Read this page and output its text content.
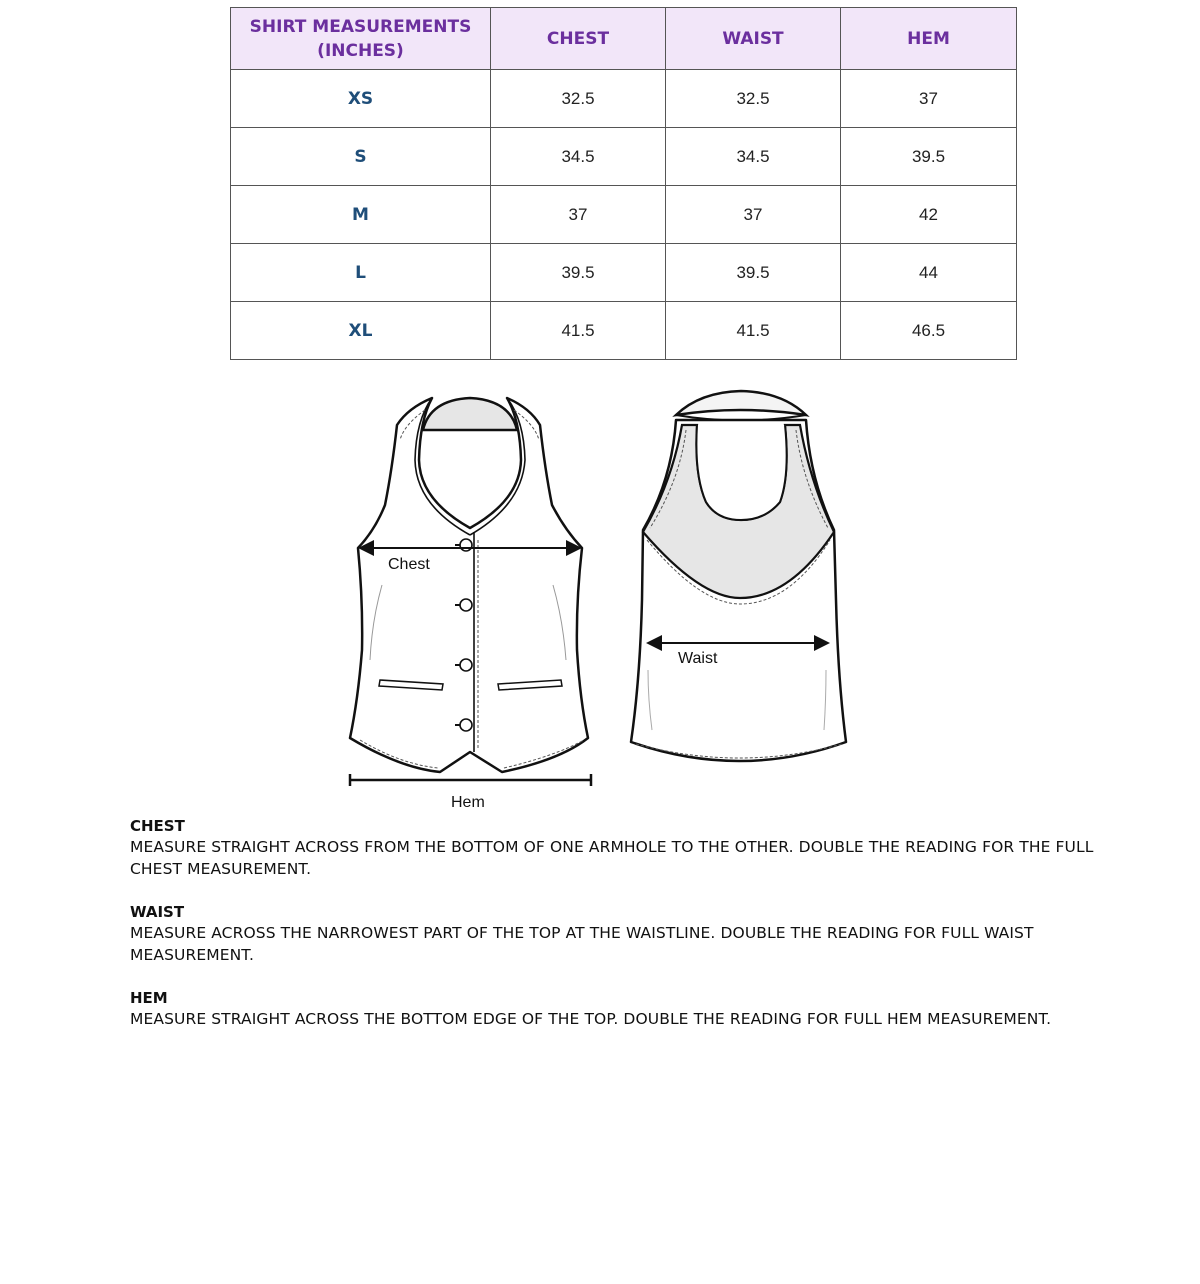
SHIRT MEASUREMENTS (INCHES)	CHEST	WAIST	HEM
XS	32.5	32.5	37
S	34.5	34.5	39.5
M	37	37	42
L	39.5	39.5	44
XL	41.5	41.5	46.5
Chest
Waist
Hem
CHEST
MEASURE STRAIGHT ACROSS FROM THE BOTTOM OF ONE ARMHOLE TO THE OTHER. DOUBLE THE READING FOR THE FULL CHEST MEASUREMENT.
WAIST
MEASURE ACROSS THE NARROWEST PART OF THE TOP AT THE WAISTLINE. DOUBLE THE READING FOR FULL WAIST MEASUREMENT.
HEM
MEASURE STRAIGHT ACROSS THE BOTTOM EDGE OF THE TOP. DOUBLE THE READING FOR FULL HEM MEASUREMENT.
